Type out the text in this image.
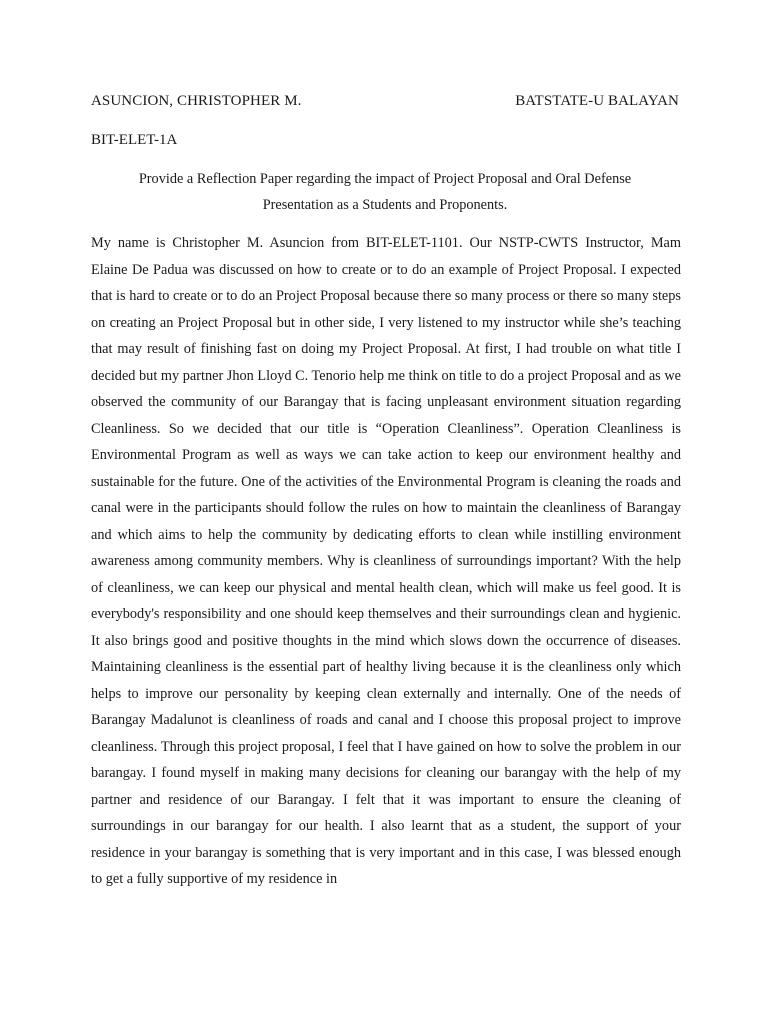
ASUNCION, CHRISTOPHER M.	BATSTATE-U BALAYAN
BIT-ELET-1A
Provide a Reflection Paper regarding the impact of Project Proposal and Oral Defense
Presentation as a Students and Proponents.

My name is Christopher M. Asuncion from BIT-ELET-1101. Our NSTP-CWTS Instructor, Mam Elaine De Padua was discussed on how to create or to do an example of Project Proposal. I expected that is hard to create or to do an Project Proposal because there so many process or there so many steps on creating an Project Proposal but in other side, I very listened to my instructor while she’s teaching that may result of finishing fast on doing my Project Proposal. At first, I had trouble on what title I decided but my partner Jhon Lloyd C. Tenorio help me think on title to do a project Proposal and as we observed the community of our Barangay that is facing unpleasant environment situation regarding Cleanliness. So we decided that our title is “Operation Cleanliness”. Operation Cleanliness is Environmental Program as well as ways we can take action to keep our environment healthy and sustainable for the future. One of the activities of the Environmental Program is cleaning the roads and canal were in the participants should follow the rules on how to maintain the cleanliness of Barangay and which aims to help the community by dedicating efforts to clean while instilling environment awareness among community members. Why is cleanliness of surroundings important? With the help of cleanliness, we can keep our physical and mental health clean, which will make us feel good. It is everybody's responsibility and one should keep themselves and their surroundings clean and hygienic. It also brings good and positive thoughts in the mind which slows down the occurrence of diseases. Maintaining cleanliness is the essential part of healthy living because it is the cleanliness only which helps to improve our personality by keeping clean externally and internally. One of the needs of Barangay Madalunot is cleanliness of roads and canal and I choose this proposal project to improve cleanliness. Through this project proposal, I feel that I have gained on how to solve the problem in our barangay. I found myself in making many decisions for cleaning our barangay with the help of my partner and residence of our Barangay. I felt that it was important to ensure the cleaning of surroundings in our barangay for our health. I also learnt that as a student, the support of your residence in your barangay is something that is very important and in this case, I was blessed enough to get a fully supportive of my residence in
